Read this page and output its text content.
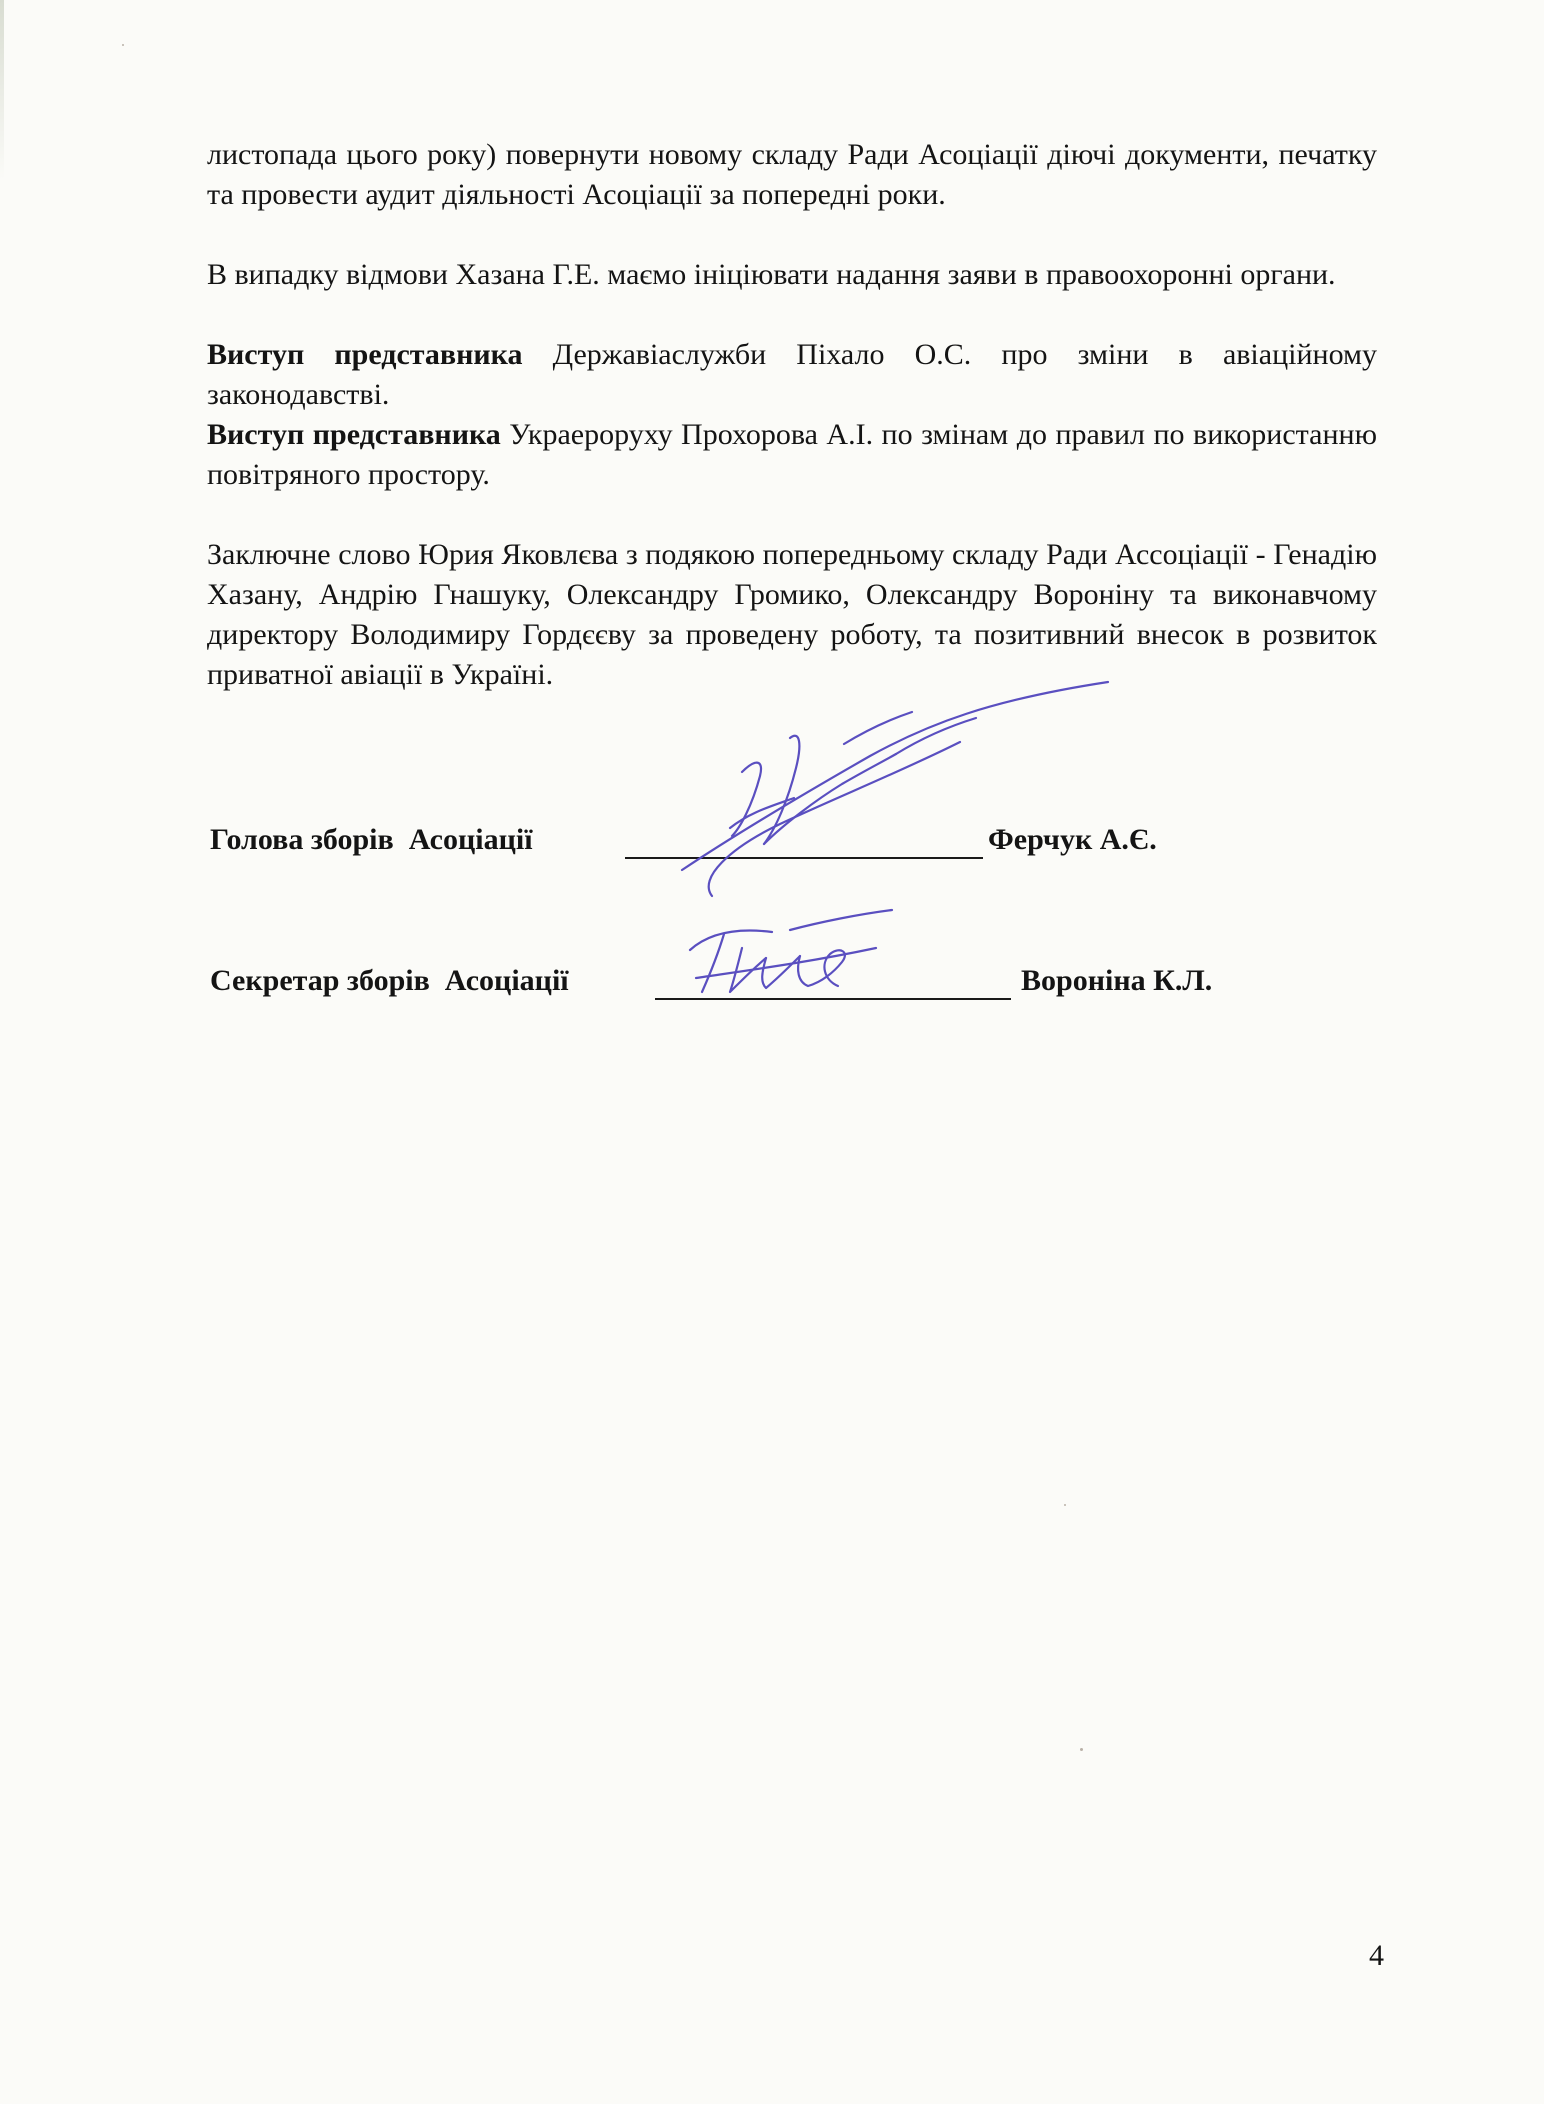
листопада цього року) повернути новому складу Ради Асоціації діючі документи, печатку та провести аудит діяльності Асоціації за попередні роки.

В випадку відмови Хазана Г.Е. маємо ініціювати надання заяви в правоохоронні органи.

Виступ представника Державіаслужби Піхало О.С. про зміни в авіаційному законодавстві.

Виступ представника Украероруху Прохорова А.І. по змінам до правил по використанню повітряного простору.

Заключне слово Юрия Яковлєва з подякою попередньому складу Ради Ассоціації - Генадію Хазану, Андрію Гнашуку, Олександру Громико, Олександру Вороніну та виконавчому директору Володимиру Гордєєву за проведену роботу, та позитивний внесок в розвиток приватної авіації в Україні.

Голова зборів  Асоціації	Ферчук А.Є.
Секретар зборів  Асоціації	Вороніна К.Л.
4
